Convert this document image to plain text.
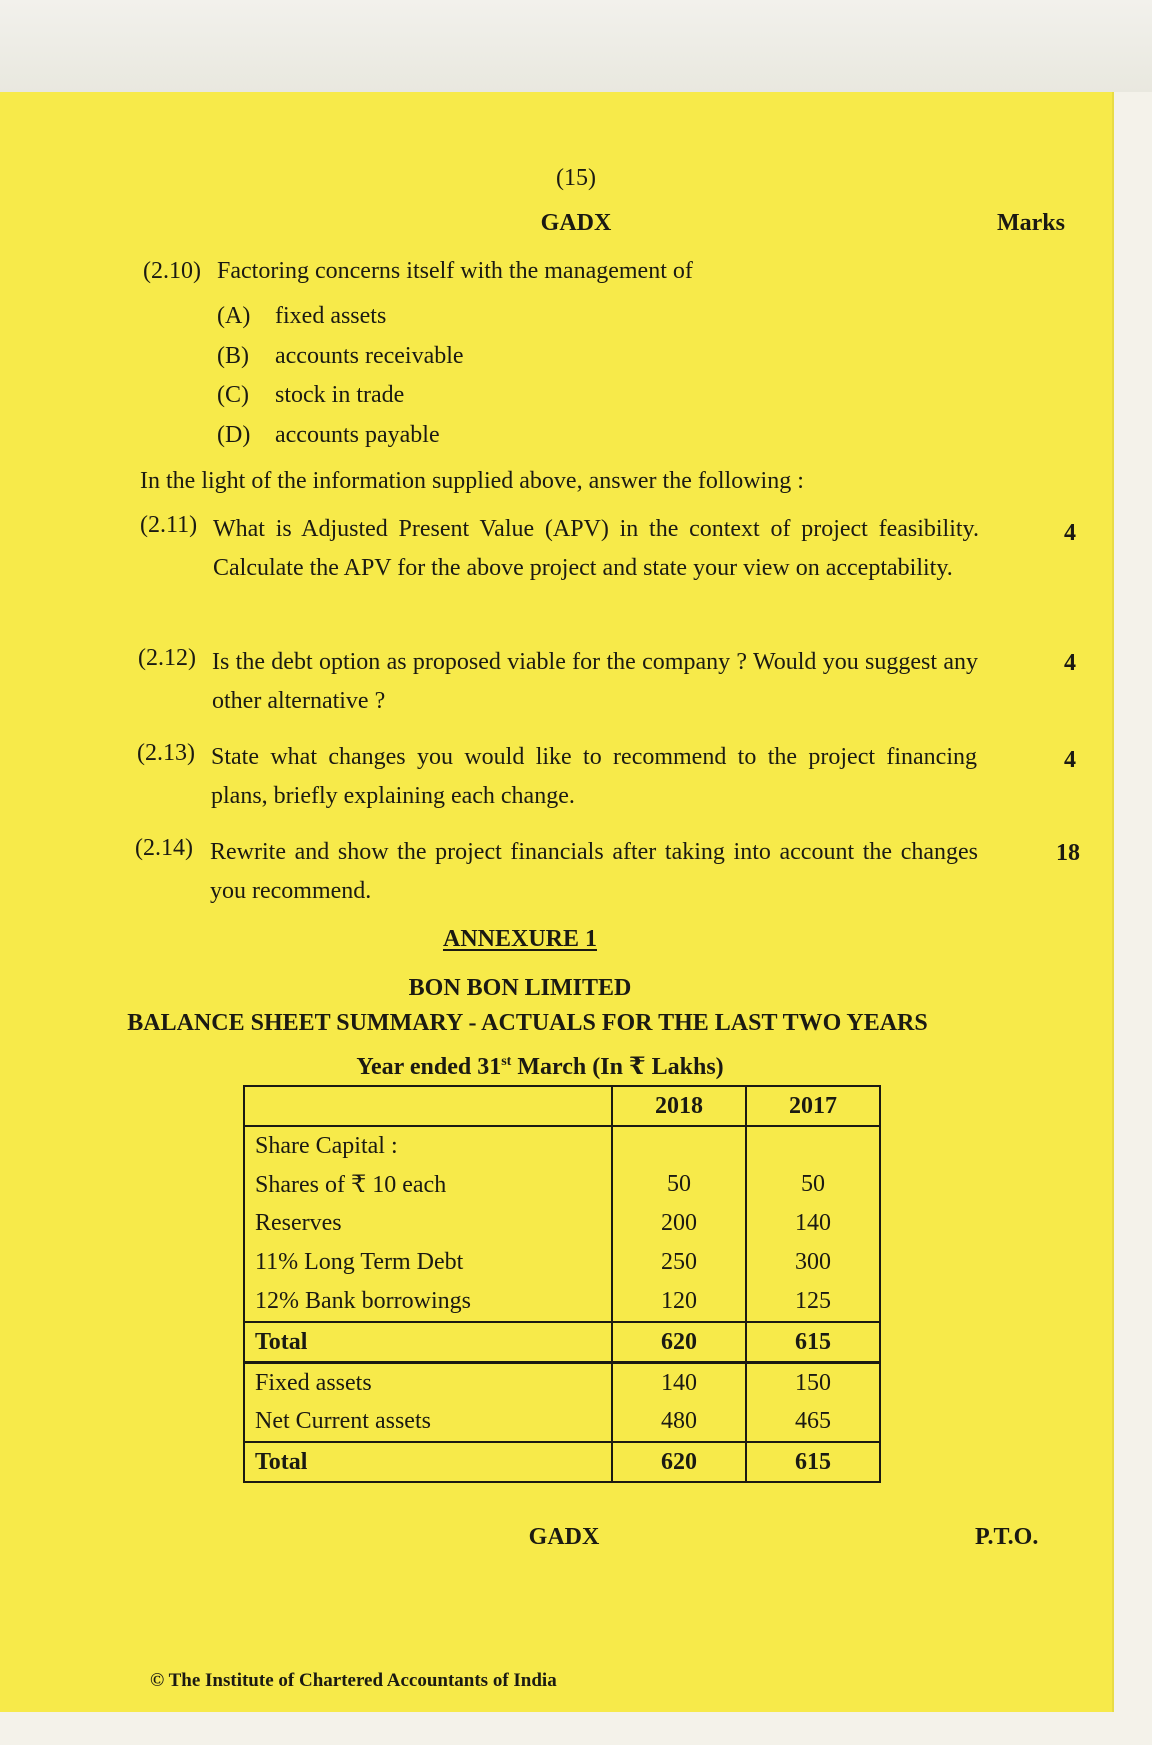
(15)
GADX	Marks
(2.10) Factoring concerns itself with the management of
(A) fixed assets
(B) accounts receivable
(C) stock in trade
(D) accounts payable
In the light of the information supplied above, answer the following :
(2.11) What is Adjusted Present Value (APV) in the context of project feasibility. Calculate the APV for the above project and state your view on acceptability.
4
(2.12) Is the debt option as proposed viable for the company ? Would you suggest any other alternative ?
4
(2.13) State what changes you would like to recommend to the project financing plans, briefly explaining each change.
4
(2.14) Rewrite and show the project financials after taking into account the changes you recommend.
18
ANNEXURE 1
BON BON LIMITED
BALANCE SHEET SUMMARY - ACTUALS FOR THE LAST TWO YEARS
Year ended 31st March (In ₹ Lakhs)
	2018	2017
Share Capital :		
Shares of ₹ 10 each	50	50
Reserves	200	140
11% Long Term Debt	250	300
12% Bank borrowings	120	125
Total	620	615
Fixed assets	140	150
Net Current assets	480	465
Total	620	615
GADX	P.T.O.
© The Institute of Chartered Accountants of India
